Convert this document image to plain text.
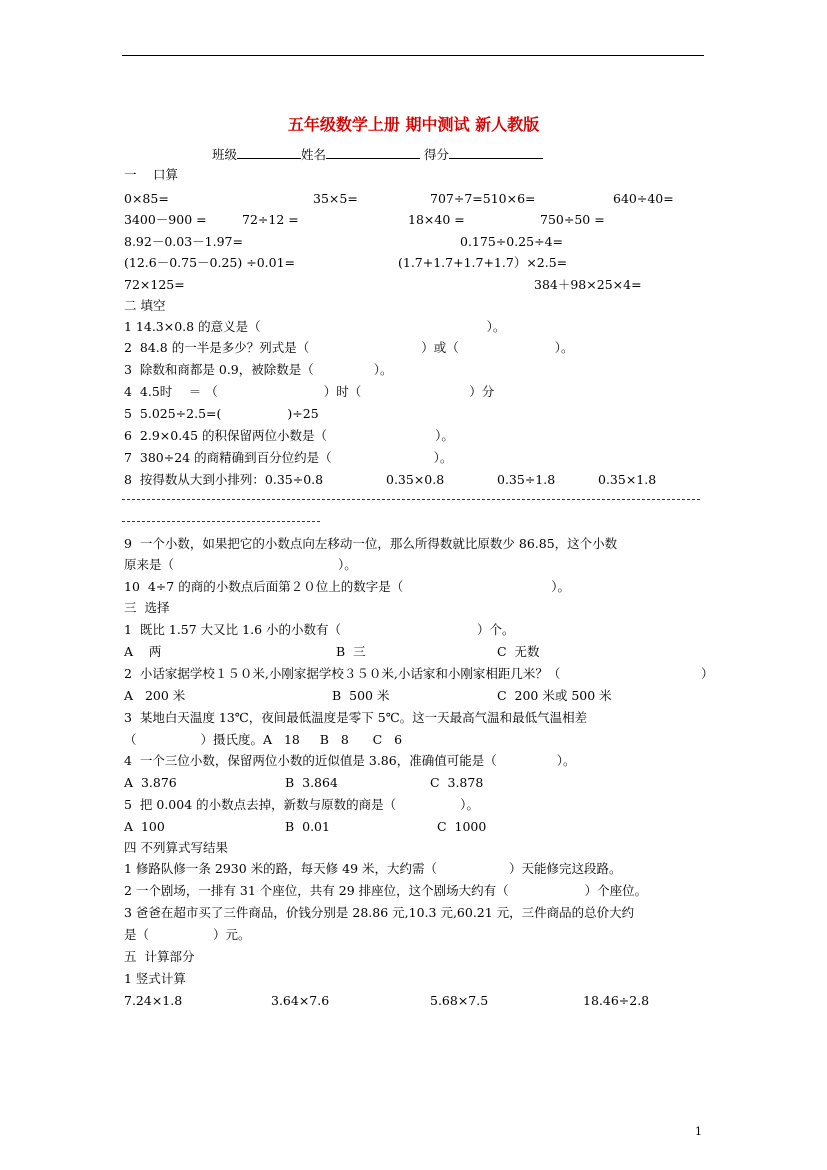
五年级数学上册 期中测试 新人教版
班级	姓名	得分
一　 口算
0×85=	35×5=	707÷7=510×6=	640÷40=
3400－900 =	72÷12 =	18×40 =	750÷50 =
8.92－0.03－1.97=	0.175÷0.25÷4=
(12.6－0.75－0.25) ÷0.01=	(1.7+1.7+1.7+1.7）×2.5=
72×125=	384＋98×25×4=
二 填空
1 14.3×0.8 的意义是（	）。
2  84.8 的一半是多少？列式是（	）或（	）。
3  除数和商都是 0.9，被除数是（	）。
4  4.5时　 ＝ （	）时（	）分
5  5.025÷2.5=(	)÷25
6  2.9×0.45 的积保留两位小数是（	）。
7  380÷24 的商精确到百分位约是（	）。
8  按得数从大到小排列：0.35÷0.8	0.35×0.8	0.35÷1.8	0.35×1.8
9  一个小数，如果把它的小数点向左移动一位，那么所得数就比原数少 86.85，这个小数
原来是（	）。
10  4÷7 的商的小数点后面第２０位上的数字是（	）。
三  选择
1  既比 1.57 大又比 1.6 小的小数有（	）个。
A    两	B  三	C  无数
2  小话家据学校１５０米,小刚家据学校３５０米,小话家和小刚家相距几米？（	）
A   200 米	B  500 米	C  200 米或 500 米
3  某地白天温度 13℃，夜间最低温度是零下 5℃。这一天最高气温和最低气温相差
（	）摄氏度。A   18     B   8      C   6
4  一个三位小数，保留两位小数的近似值是 3.86，准确值可能是（	）。
A  3.876	B  3.864	C  3.878
5  把 0.004 的小数点去掉，新数与原数的商是（	）。
A  100	B  0.01	C  1000
四 不列算式写结果
1 修路队修一条 2930 米的路，每天修 49 米，大约需（	）天能修完这段路。
2 一个剧场，一排有 31 个座位，共有 29 排座位，这个剧场大约有（	）个座位。
3 爸爸在超市买了三件商品，价钱分别是 28.86 元,10.3 元,60.21 元，三件商品的总价大约
是（	）元。
五  计算部分
1 竖式计算
7.24×1.8	3.64×7.6	5.68×7.5	18.46÷2.8
1
